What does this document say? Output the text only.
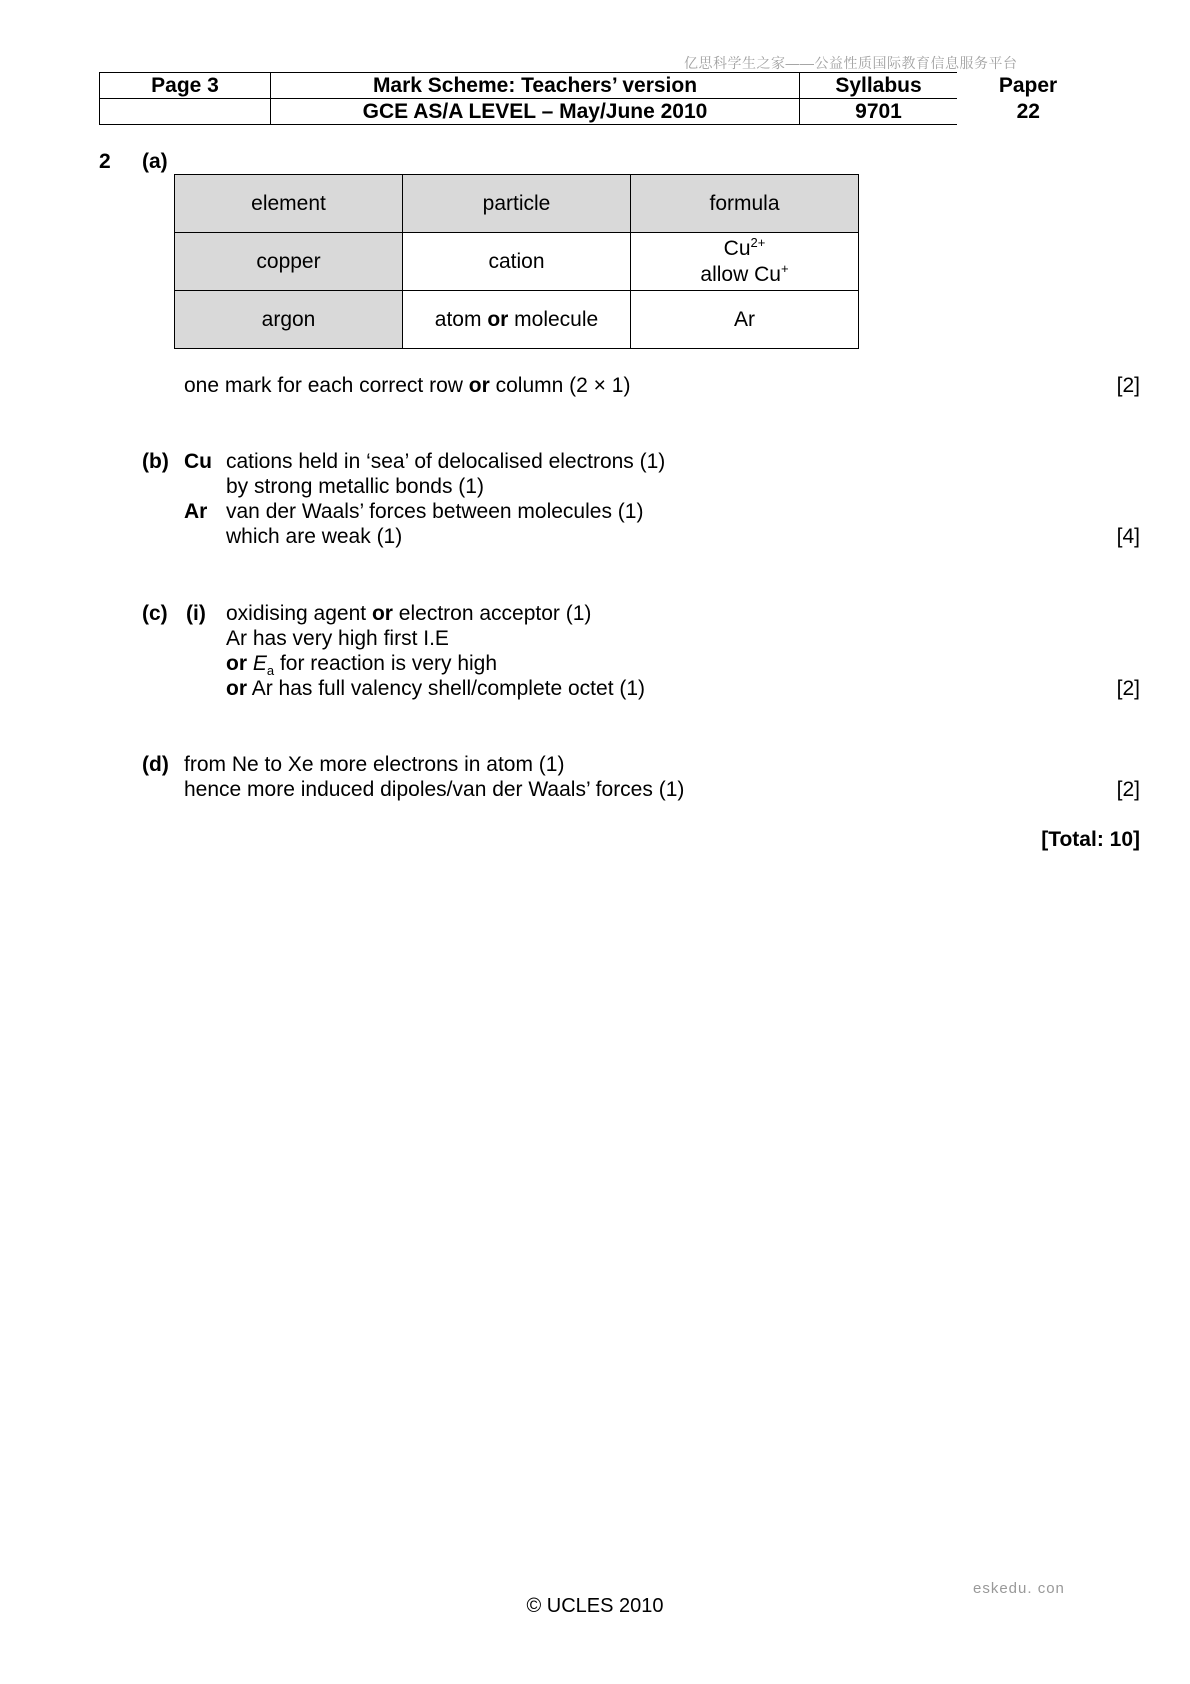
亿思科学生之家——公益性质国际教育信息服务平台
Page 3	Mark Scheme: Teachers’ version	Syllabus	Paper
	GCE AS/A LEVEL – May/June 2010	9701	22
2 (a)
element	particle	formula
copper	cation	$Cu^{2+}$
allow Cu+

argon	atom or molecule	Ar
one mark for each correct row or column (2 × 1)	[2]
(b) Cu cations held in ‘sea’ of delocalised electrons (1)
by strong metallic bonds (1)
Ar van der Waals’ forces between molecules (1)
which are weak (1)	[4]
(c) (i) oxidising agent or electron acceptor (1)
Ar has very high first I.E
or $E_a$ for reaction is very high
or Ar has full valency shell/complete octet (1)	[2]
(d) from Ne to Xe more electrons in atom (1)
hence more induced dipoles/van der Waals’ forces (1)	[2]
[Total: 10]
eskedu. con
© UCLES 2010
